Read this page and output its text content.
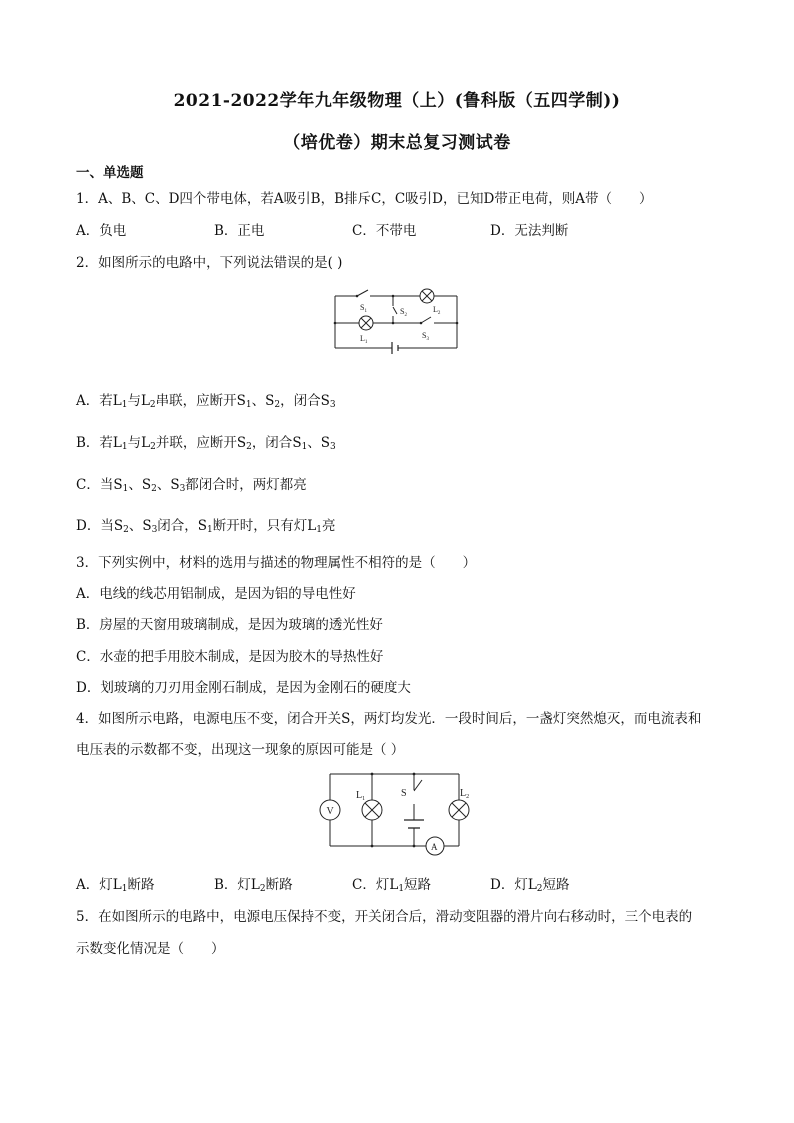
2021-2022学年九年级物理（上）(鲁科版（五四学制))
（培优卷）期末总复习测试卷
一、单选题
1．A、B、C、D四个带电体，若A吸引B，B排斥C，C吸引D，已知D带正电荷，则A带（　　）
A．负电	B．正电	C．不带电	D．无法判断
2．如图所示的电路中，下列说法错误的是( )
$S_1$	$S_2$
$S_3$
$L_1$
$L_2$
A．若$L_1$与$L_2$串联，应断开$S_1$、$S_2$，闭合$S_3$
B．若$L_1$与$L_2$并联，应断开$S_2$，闭合$S_1$、$S_3$
C．当$S_1$、$S_2$、$S_3$都闭合时，两灯都亮
D．当$S_2$、$S_3$闭合，$S_1$断开时，只有灯$L_1$亮
3．下列实例中，材料的选用与描述的物理属性不相符的是（　　）
A．电线的线芯用铝制成，是因为铝的导电性好
B．房屋的天窗用玻璃制成，是因为玻璃的透光性好
C．水壶的把手用胶木制成，是因为胶木的导热性好
D．划玻璃的刀刃用金刚石制成，是因为金刚石的硬度大
4．如图所示电路，电源电压不变，闭合开关S，两灯均发光．一段时间后，一盏灯突然熄灭，而电流表和
电压表的示数都不变，出现这一现象的原因可能是（ ）
V
A
S
$L_1$	$L_2$
A．灯$L_1$断路	B．灯$L_2$断路	C．灯$L_1$短路	D．灯$L_2$短路
5．在如图所示的电路中，电源电压保持不变，开关闭合后，滑动变阻器的滑片向右移动时，三个电表的
示数变化情况是（　　）
